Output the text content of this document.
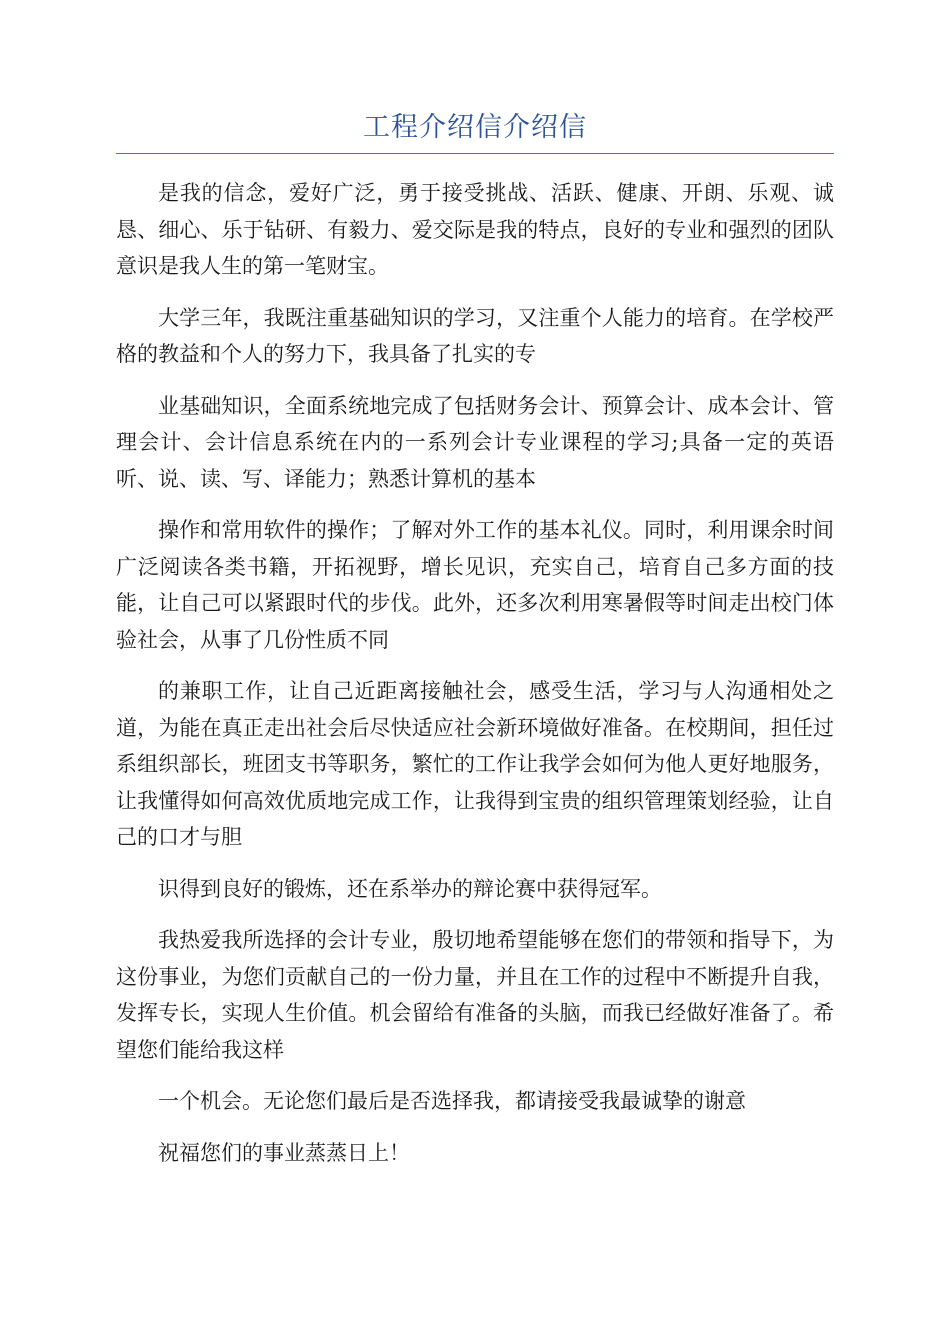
工程介绍信介绍信

是我的信念，爱好广泛，勇于接受挑战、活跃、健康、开朗、乐观、诚恳、细心、乐于钻研、有毅力、爱交际是我的特点，良好的专业和强烈的团队意识是我人生的第一笔财宝。

大学三年，我既注重基础知识的学习，又注重个人能力的培育。在学校严格的教益和个人的努力下，我具备了扎实的专

业基础知识，全面系统地完成了包括财务会计、预算会计、成本会计、管理会计、会计信息系统在内的一系列会计专业课程的学习;具备一定的英语听、说、读、写、译能力；熟悉计算机的基本

操作和常用软件的操作；了解对外工作的基本礼仪。同时，利用课余时间广泛阅读各类书籍，开拓视野，增长见识，充实自己，培育自己多方面的技能，让自己可以紧跟时代的步伐。此外，还多次利用寒暑假等时间走出校门体验社会，从事了几份性质不同

的兼职工作，让自己近距离接触社会，感受生活，学习与人沟通相处之道，为能在真正走出社会后尽快适应社会新环境做好准备。在校期间，担任过系组织部长，班团支书等职务，繁忙的工作让我学会如何为他人更好地服务，让我懂得如何高效优质地完成工作，让我得到宝贵的组织管理策划经验，让自己的口才与胆

识得到良好的锻炼，还在系举办的辩论赛中获得冠军。

我热爱我所选择的会计专业，殷切地希望能够在您们的带领和指导下，为这份事业，为您们贡献自己的一份力量，并且在工作的过程中不断提升自我，发挥专长，实现人生价值。机会留给有准备的头脑，而我已经做好准备了。希望您们能给我这样

一个机会。无论您们最后是否选择我，都请接受我最诚挚的谢意

祝福您们的事业蒸蒸日上！
